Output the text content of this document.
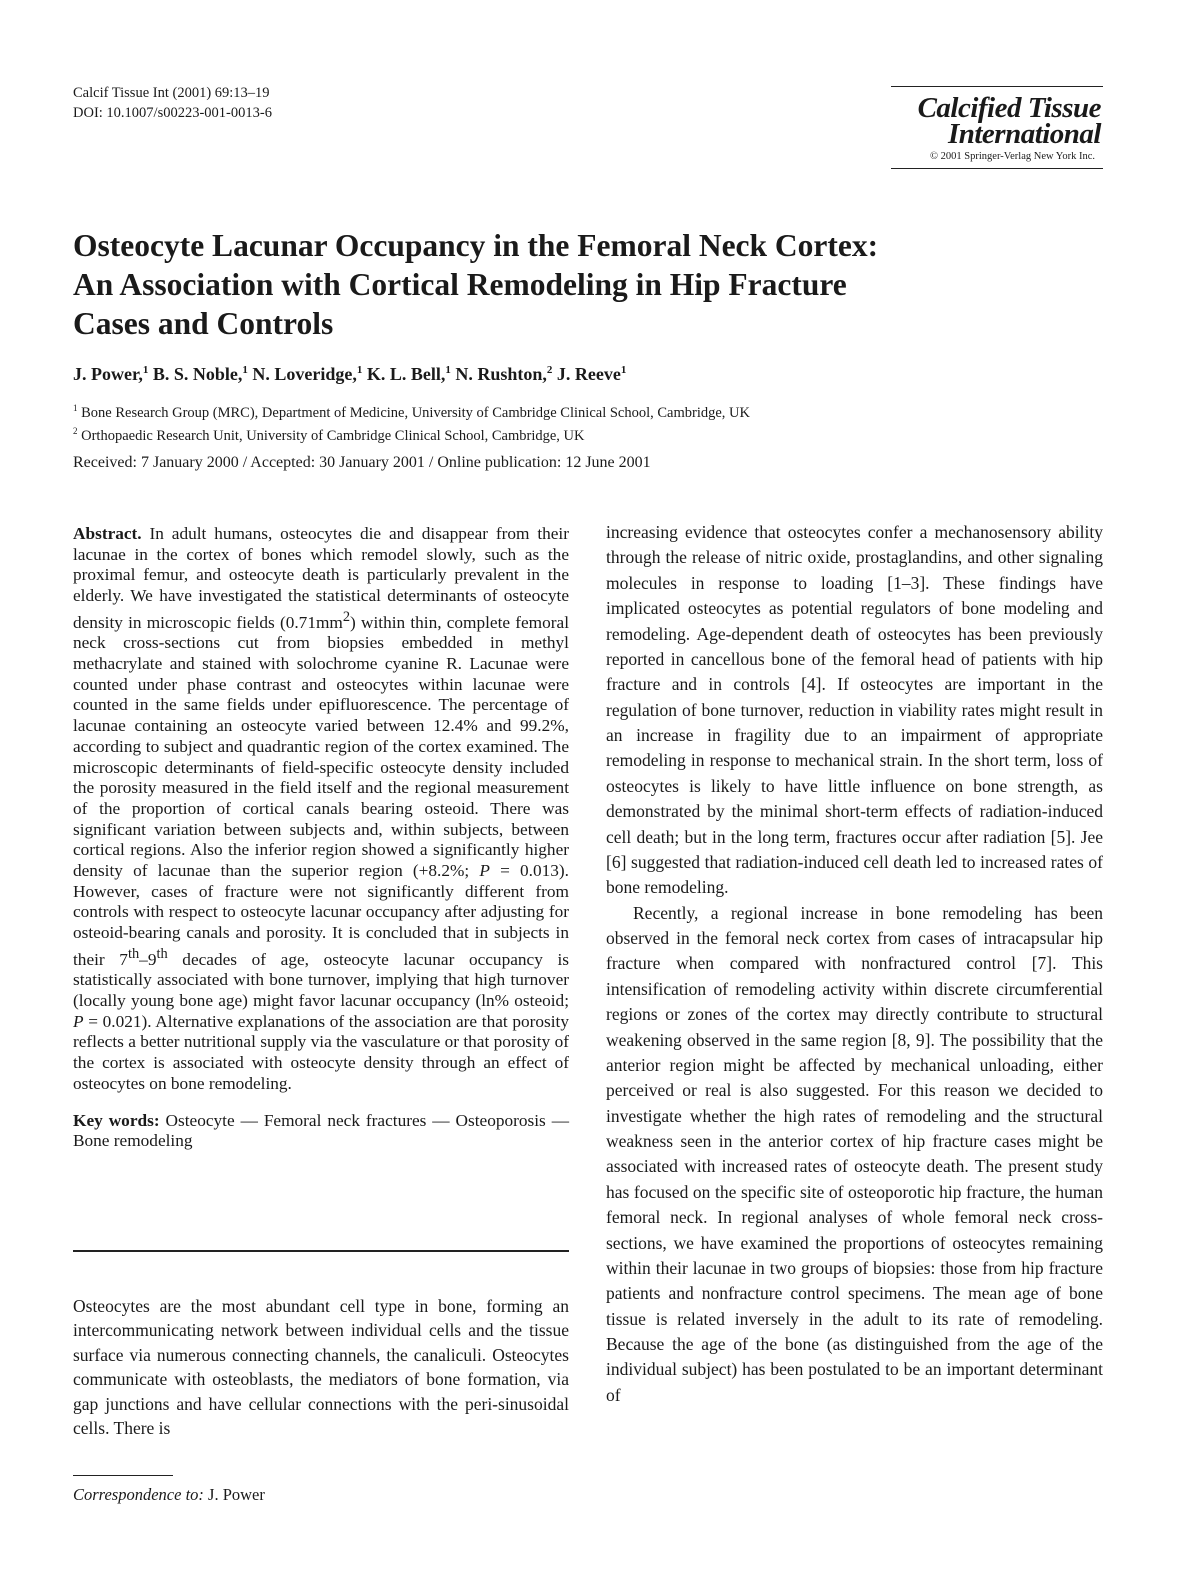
Calcif Tissue Int (2001) 69:13–19
DOI: 10.1007/s00223-001-0013-6	Calcified Tissue
International
© 2001 Springer-Verlag New York Inc.
Osteocyte Lacunar Occupancy in the Femoral Neck Cortex:
An Association with Cortical Remodeling in Hip Fracture
Cases and Controls
J. Power,$^1$ B. S. Noble,$^1$ N. Loveridge,$^1$ K. L. Bell,$^1$ N. Rushton,$^2$ J. Reeve$^1$
$^1$ Bone Research Group (MRC), Department of Medicine, University of Cambridge Clinical School, Cambridge, UK
$^2$ Orthopaedic Research Unit, University of Cambridge Clinical School, Cambridge, UK
Received: 7 January 2000 / Accepted: 30 January 2001 / Online publication: 12 June 2001

Abstract. In adult humans, osteocytes die and disappear from their lacunae in the cortex of bones which remodel slowly, such as the proximal femur, and osteocyte death is particularly prevalent in the elderly. We have investigated the statistical determinants of osteocyte density in microscopic fields $(0.71mm^2)$ within thin, complete femoral neck cross-sections cut from biopsies embedded in methyl methacrylate and stained with solochrome cyanine R. Lacunae were counted under phase contrast and osteocytes within lacunae were counted in the same fields under epifluorescence. The percentage of lacunae containing an osteocyte varied between 12.4% and 99.2%, according to subject and quadrantic region of the cortex examined. The microscopic determinants of field-specific osteocyte density included the porosity measured in the field itself and the regional measurement of the proportion of cortical canals bearing osteoid. There was significant variation between subjects and, within subjects, between cortical regions. Also the inferior region showed a significantly higher density of lacunae than the superior region (+8.2%; P = 0.013). However, cases of fracture were not significantly different from controls with respect to osteocyte lacunar occupancy after adjusting for osteoid-bearing canals and porosity. It is concluded that in subjects in their 7th–9th decades of age, osteocyte lacunar occupancy is statistically associated with bone turnover, implying that high turnover (locally young bone age) might favor lacunar occupancy (ln% osteoid; P = 0.021). Alternative explanations of the association are that porosity reflects a better nutritional supply via the vasculature or that porosity of the cortex is associated with osteocyte density through an effect of osteocytes on bone remodeling.

Key words: Osteocyte — Femoral neck fractures — Osteoporosis — Bone remodeling

Osteocytes are the most abundant cell type in bone, forming an intercommunicating network between individual cells and the tissue surface via numerous connecting channels, the canaliculi. Osteocytes communicate with osteoblasts, the mediators of bone formation, via gap junctions and have cellular connections with the peri-sinusoidal cells. There is

Correspondence to: J. Power

increasing evidence that osteocytes confer a mechanosensory ability through the release of nitric oxide, prostaglandins, and other signaling molecules in response to loading [1–3]. These findings have implicated osteocytes as potential regulators of bone modeling and remodeling. Age-dependent death of osteocytes has been previously reported in cancellous bone of the femoral head of patients with hip fracture and in controls [4]. If osteocytes are important in the regulation of bone turnover, reduction in viability rates might result in an increase in fragility due to an impairment of appropriate remodeling in response to mechanical strain. In the short term, loss of osteocytes is likely to have little influence on bone strength, as demonstrated by the minimal short-term effects of radiation-induced cell death; but in the long term, fractures occur after radiation [5]. Jee [6] suggested that radiation-induced cell death led to increased rates of bone remodeling.

Recently, a regional increase in bone remodeling has been observed in the femoral neck cortex from cases of intracapsular hip fracture when compared with nonfractured control [7]. This intensification of remodeling activity within discrete circumferential regions or zones of the cortex may directly contribute to structural weakening observed in the same region [8, 9]. The possibility that the anterior region might be affected by mechanical unloading, either perceived or real is also suggested. For this reason we decided to investigate whether the high rates of remodeling and the structural weakness seen in the anterior cortex of hip fracture cases might be associated with increased rates of osteocyte death. The present study has focused on the specific site of osteoporotic hip fracture, the human femoral neck. In regional analyses of whole femoral neck cross-sections, we have examined the proportions of osteocytes remaining within their lacunae in two groups of biopsies: those from hip fracture patients and nonfracture control specimens. The mean age of bone tissue is related inversely in the adult to its rate of remodeling. Because the age of the bone (as distinguished from the age of the individual subject) has been postulated to be an important determinant of
